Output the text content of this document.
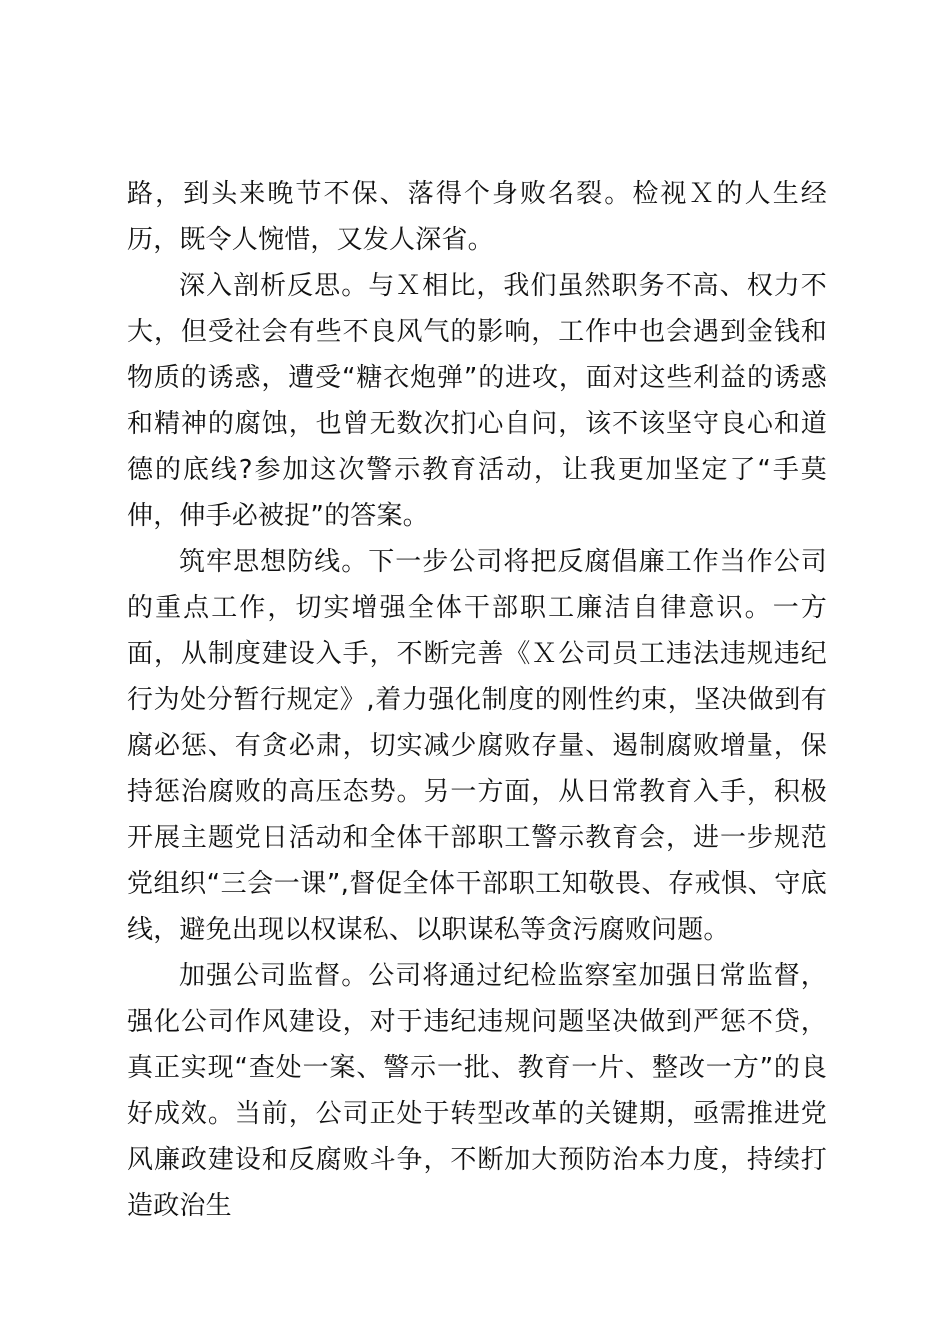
路，到头来晚节不保、落得个身败名裂。检视Ｘ的人生经历，既令人惋惜，又发人深省。

深入剖析反思。与Ｘ相比，我们虽然职务不高、权力不大，但受社会有些不良风气的影响，工作中也会遇到金钱和物质的诱惑，遭受“糖衣炮弹”的进攻，面对这些利益的诱惑和精神的腐蚀，也曾无数次扪心自问，该不该坚守良心和道德的底线?参加这次警示教育活动，让我更加坚定了“手莫伸，伸手必被捉”的答案。

筑牢思想防线。下一步公司将把反腐倡廉工作当作公司的重点工作，切实增强全体干部职工廉洁自律意识。一方面，从制度建设入手，不断完善《Ｘ公司员工违法违规违纪行为处分暂行规定》,着力强化制度的刚性约束，坚决做到有腐必惩、有贪必肃，切实减少腐败存量、遏制腐败增量，保持惩治腐败的高压态势。另一方面，从日常教育入手，积极开展主题党日活动和全体干部职工警示教育会，进一步规范党组织“三会一课”,督促全体干部职工知敬畏、存戒惧、守底线，避免出现以权谋私、以职谋私等贪污腐败问题。

加强公司监督。公司将通过纪检监察室加强日常监督，强化公司作风建设，对于违纪违规问题坚决做到严惩不贷，真正实现“查处一案、警示一批、教育一片、整改一方”的良好成效。当前，公司正处于转型改革的关键期，亟需推进党风廉政建设和反腐败斗争，不断加大预防治本力度，持续打造政治生
